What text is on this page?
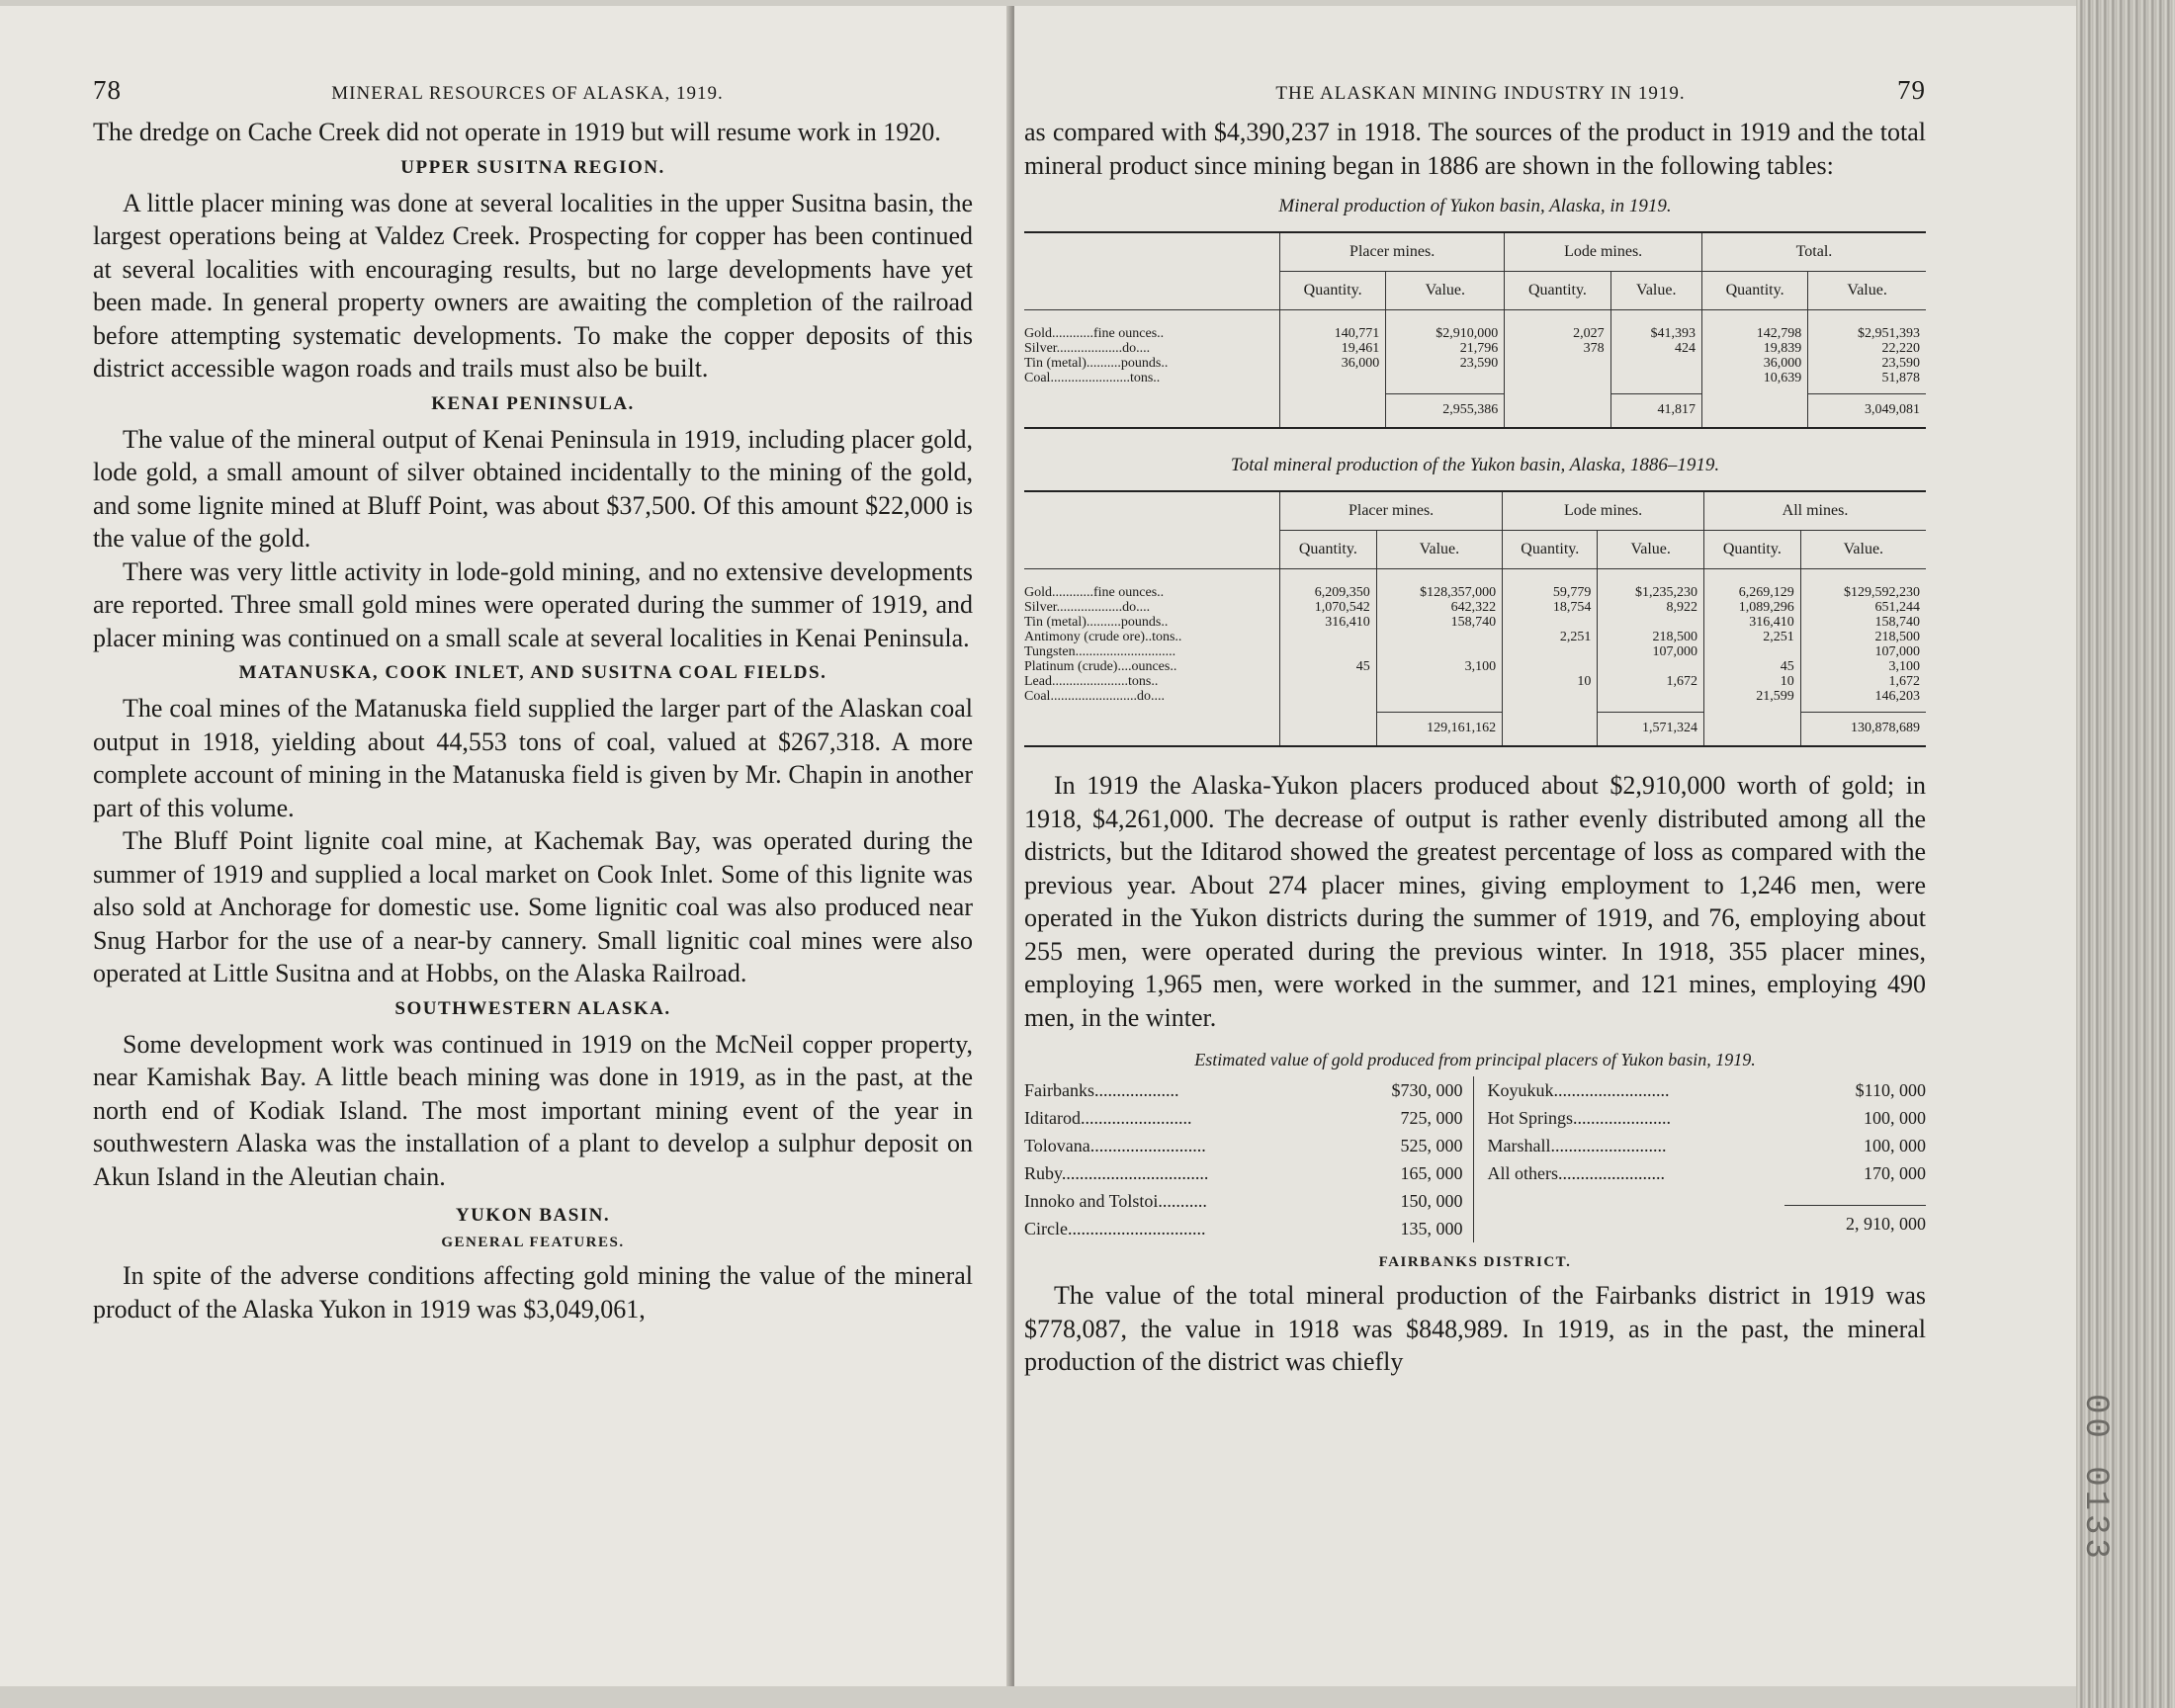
78	MINERAL RESOURCES OF ALASKA, 1919.

The dredge on Cache Creek did not operate in 1919 but will resume work in 1920.

UPPER SUSITNA REGION.

A little placer mining was done at several localities in the upper Susitna basin, the largest operations being at Valdez Creek. Prospecting for copper has been continued at several localities with encouraging results, but no large developments have yet been made. In general property owners are awaiting the completion of the railroad before attempting systematic developments. To make the copper deposits of this district accessible wagon roads and trails must also be built.

KENAI PENINSULA.

The value of the mineral output of Kenai Peninsula in 1919, including placer gold, lode gold, a small amount of silver obtained incidentally to the mining of the gold, and some lignite mined at Bluff Point, was about $37,500. Of this amount $22,000 is the value of the gold.

There was very little activity in lode-gold mining, and no extensive developments are reported. Three small gold mines were operated during the summer of 1919, and placer mining was continued on a small scale at several localities in Kenai Peninsula.

MATANUSKA, COOK INLET, AND SUSITNA COAL FIELDS.

The coal mines of the Matanuska field supplied the larger part of the Alaskan coal output in 1918, yielding about 44,553 tons of coal, valued at $267,318. A more complete account of mining in the Matanuska field is given by Mr. Chapin in another part of this volume.

The Bluff Point lignite coal mine, at Kachemak Bay, was operated during the summer of 1919 and supplied a local market on Cook Inlet. Some of this lignite was also sold at Anchorage for domestic use. Some lignitic coal was also produced near Snug Harbor for the use of a near-by cannery. Small lignitic coal mines were also operated at Little Susitna and at Hobbs, on the Alaska Railroad.

SOUTHWESTERN ALASKA.

Some development work was continued in 1919 on the McNeil copper property, near Kamishak Bay. A little beach mining was done in 1919, as in the past, at the north end of Kodiak Island. The most important mining event of the year in southwestern Alaska was the installation of a plant to develop a sulphur deposit on Akun Island in the Aleutian chain.

YUKON BASIN.
GENERAL FEATURES.

In spite of the adverse conditions affecting gold mining the value of the mineral product of the Alaska Yukon in 1919 was $3,049,061,

THE ALASKAN MINING INDUSTRY IN 1919.	79

as compared with $4,390,237 in 1918. The sources of the product in 1919 and the total mineral product since mining began in 1886 are shown in the following tables:

Mineral production of Yukon basin, Alaska, in 1919.
	Placer mines.		Lode mines.		Total.	
	Quantity.	Value.	Quantity.	Value.	Quantity.	Value.
Gold............fine ounces..	140,771	$2,910,000	2,027	$41,393	142,798	$2,951,393
Silver...................do....	19,461	21,796	378	424	19,839	22,220
Tin (metal)..........pounds..	36,000	23,590			36,000	23,590
Coal.......................tons..					10,639	51,878
		2,955,386		41,817		3,049,081
Total mineral production of the Yukon basin, Alaska, 1886–1919.
	Placer mines.		Lode mines.		All mines.	
	Quantity.	Value.	Quantity.	Value.	Quantity.	Value.
Gold............fine ounces..	6,209,350	$128,357,000	59,779	$1,235,230	6,269,129	$129,592,230
Silver...................do....	1,070,542	642,322	18,754	8,922	1,089,296	651,244
Tin (metal)..........pounds..	316,410	158,740			316,410	158,740
Antimony (crude ore)..tons..			2,251	218,500	2,251	218,500
Tungsten.............................				107,000		107,000
Platinum (crude)....ounces..	45	3,100			45	3,100
Lead......................tons..			10	1,672	10	1,672
Coal.........................do....					21,599	146,203
		129,161,162		1,571,324		130,878,689

In 1919 the Alaska-Yukon placers produced about $2,910,000 worth of gold; in 1918, $4,261,000. The decrease of output is rather evenly distributed among all the districts, but the Iditarod showed the greatest percentage of loss as compared with the previous year. About 274 placer mines, giving employment to 1,246 men, were operated in the Yukon districts during the summer of 1919, and 76, employing about 255 men, were operated during the previous winter. In 1918, 355 placer mines, employing 1,965 men, were worked in the summer, and 121 mines, employing 490 men, in the winter.

Estimated value of gold produced from principal placers of Yukon basin, 1919.
Fairbanks...................	$730, 000
Iditarod.........................	725, 000
Tolovana..........................	525, 000
Ruby.................................	165, 000
Innoko and Tolstoi...........	150, 000
Circle...............................	135, 000
Koyukuk..........................	$110, 000
Hot Springs......................	100, 000
Marshall..........................	100, 000
All others........................	170, 000
2, 910, 000
FAIRBANKS DISTRICT.

The value of the total mineral production of the Fairbanks district in 1919 was $778,087, the value in 1918 was $848,989. In 1919, as in the past, the mineral production of the district was chiefly

00 0133
